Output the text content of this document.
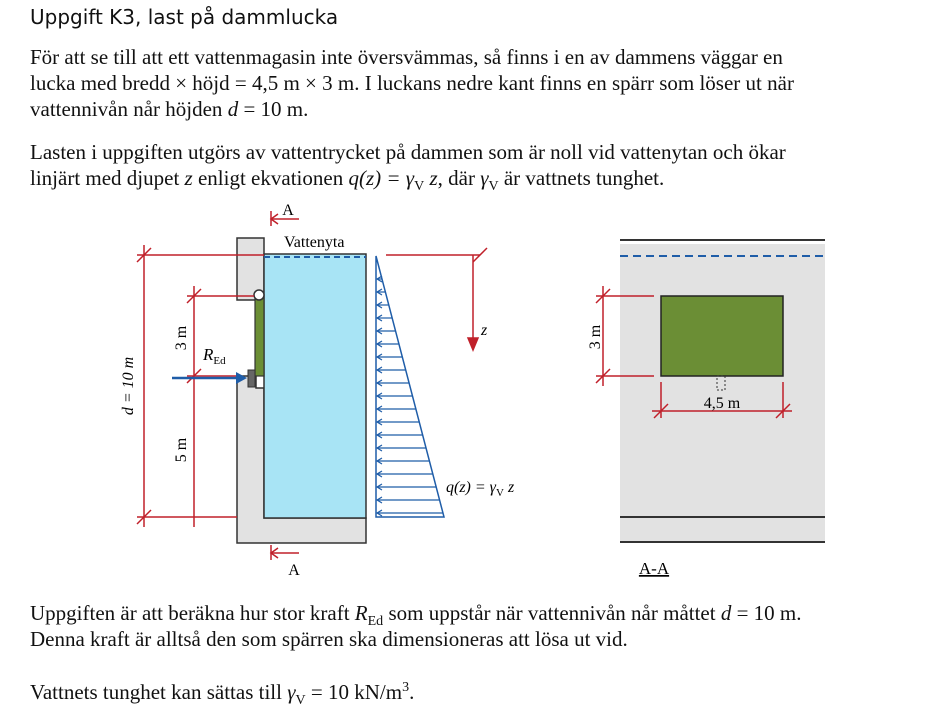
Uppgift K3, last på dammlucka
För att se till att ett vattenmagasin inte översvämmas, så finns i en av dammens väggar en
lucka med bredd × höjd = 4,5 m × 3 m. I luckans nedre kant finns en spärr som löser ut när
vattennivån når höjden d = 10 m.
Lasten i uppgiften utgörs av vattentrycket på dammen som är noll vid vattenytan och ökar
linjärt med djupet z enligt ekvationen $q(z) = \gamma_V$ z, där $\gamma_V$ är vattnets tunghet.
A
A
Vattenyta
d = 10 m
3 m
5 m
$R_{Ed}$
z
$q(z) = \gamma_V$ z
3 m
4,5 m
A-A
Uppgiften är att beräkna hur stor kraft $R_{Ed}$ som uppstår när vattennivån når måttet d = 10 m.
Denna kraft är alltså den som spärren ska dimensioneras att lösa ut vid.
Vattnets tunghet kan sättas till $\gamma_V = 10$ $kN/m^3$.
